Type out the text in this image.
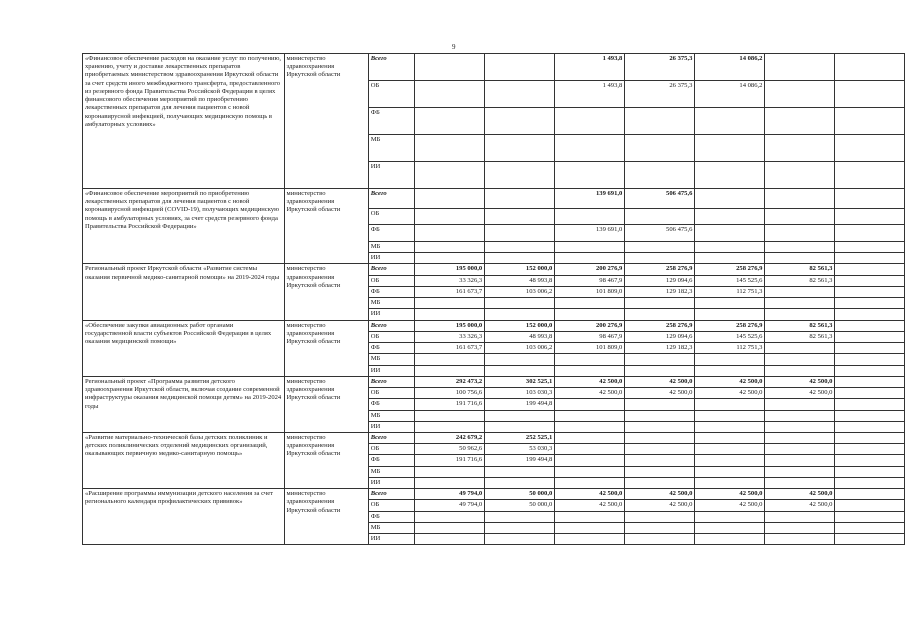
9
«Финансовое обеспечение расходов на оказание услуг по получению, хранению, учету и доставке лекарственных препаратов приобретаемых министерством здравоохранения Иркутской области за счет средств иного межбюджетного трансферта, предоставленного из резервного фонда Правительства Российской Федерации в целях финансового обеспечения мероприятий по приобретению лекарственных препаратов для лечения пациентов с новой коронавирусной инфекцией, получающих медицинскую помощь в амбулаторных условиях»	министерство здравоохранения Иркутской области	Всего			1 493,8	26 375,3	14 086,2		
		ОБ			1 493,8	26 375,3	14 086,2		
		ФБ							
		МБ							
		ИИ							
«Финансовое обеспечение мероприятий по приобретению лекарственных препаратов для лечения пациентов с новой коронавирусной инфекцией (COVID-19), получающих медицинскую помощь в амбулаторных условиях, за счет средств резервного фонда Правительства Российской Федерации»	министерство здравоохранения Иркутской области	Всего			139 691,0	506 475,6			
		ОБ							
		ФБ			139 691,0	506 475,6			
		МБ							
		ИИ							
Региональный проект Иркутской области «Развитие системы оказания первичной медико-санитарной помощи» на 2019-2024 годы	министерство здравоохранения Иркутской области	Всего	195 000,0	152 000,0	200 276,9	258 276,9	258 276,9	82 561,3	
		ОБ	33 326,3	48 993,8	98 467,9	129 094,6	145 525,6	82 561,3	
		ФБ	161 673,7	103 006,2	101 809,0	129 182,3	112 751,3		
		МБ							
		ИИ							
«Обеспечение закупки авиационных работ органами государственной власти субъектов Российской Федерации в целях оказания медицинской помощи»	министерство здравоохранения Иркутской области	Всего	195 000,0	152 000,0	200 276,9	258 276,9	258 276,9	82 561,3	
		ОБ	33 326,3	48 993,8	98 467,9	129 094,6	145 525,6	82 561,3	
		ФБ	161 673,7	103 006,2	101 809,0	129 182,3	112 751,3		
		МБ							
		ИИ							
Региональный проект «Программа развития детского здравоохранения Иркутской области, включая создание современной инфраструктуры оказания медицинской помощи детям» на 2019-2024 годы	министерство здравоохранения Иркутской области	Всего	292 473,2	302 525,1	42 500,0	42 500,0	42 500,0	42 500,0	
		ОБ	100 756,6	103 030,3	42 500,0	42 500,0	42 500,0	42 500,0	
		ФБ	191 716,6	199 494,8					
		МБ							
		ИИ							
«Развитие материально-технической базы детских поликлиник и детских поликлинических отделений медицинских организаций, оказывающих первичную медико-санитарную помощь»	министерство здравоохранения Иркутской области	Всего	242 679,2	252 525,1					
		ОБ	50 962,6	53 030,3					
		ФБ	191 716,6	199 494,8					
		МБ							
		ИИ							
«Расширение программы иммунизации детского населения за счет регионального календаря профилактических прививок»	министерство здравоохранения Иркутской области	Всего	49 794,0	50 000,0	42 500,0	42 500,0	42 500,0	42 500,0	
		ОБ	49 794,0	50 000,0	42 500,0	42 500,0	42 500,0	42 500,0	
		ФБ							
		МБ							
		ИИ							
